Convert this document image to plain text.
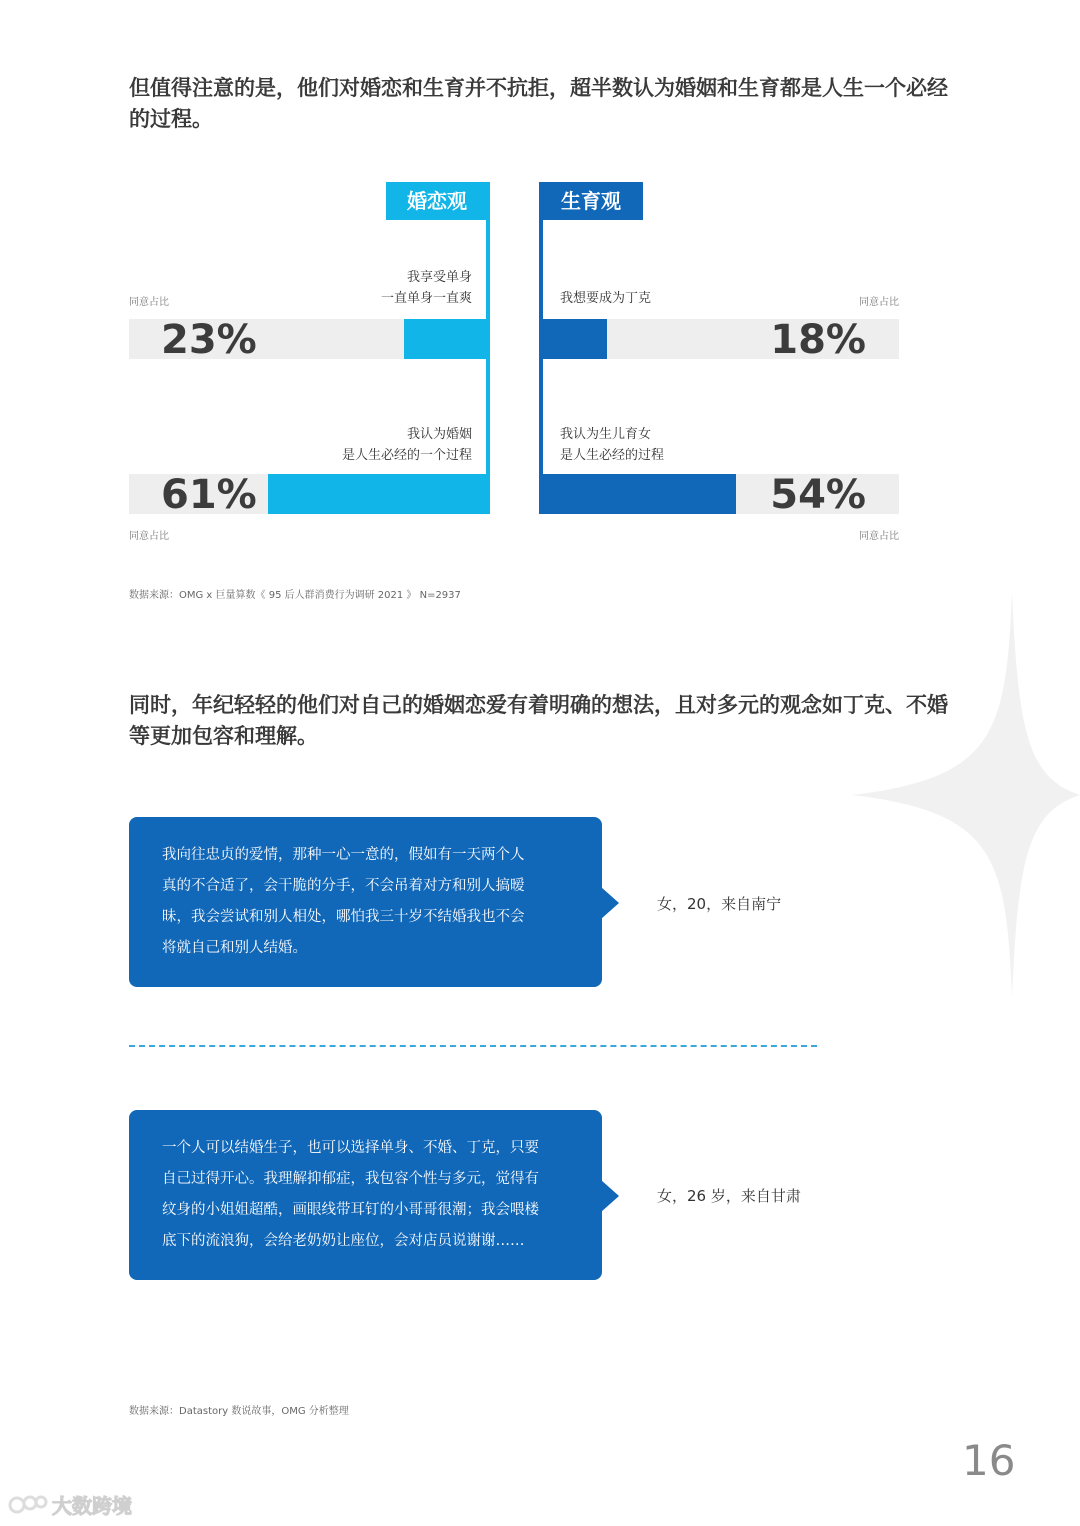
但值得注意的是，他们对婚恋和生育并不抗拒，超半数认为婚姻和生育都是人生一个必经的过程。

婚恋观	生育观
23%
61%
18%
54%
同意占比
同意占比
同意占比
同意占比
我享受单身
一直单身一直爽
我认为婚姻
是人生必经的一个过程
我想要成为丁克
我认为生儿育女
是人生必经的过程
数据来源：OMG x 巨量算数《 95 后人群消费行为调研 2021 》 N=2937

同时，年纪轻轻的他们对自己的婚姻恋爱有着明确的想法，且对多元的观念如丁克、不婚等更加包容和理解。

我向往忠贞的爱情，那种一心一意的，假如有一天两个人
真的不合适了，会干脆的分手，不会吊着对方和别人搞暧
昧，我会尝试和别人相处，哪怕我三十岁不结婚我也不会
将就自己和别人结婚。
女，20，来自南宁
一个人可以结婚生子，也可以选择单身、不婚、丁克，只要
自己过得开心。我理解抑郁症，我包容个性与多元，觉得有
纹身的小姐姐超酷，画眼线带耳钉的小哥哥很潮；我会喂楼
底下的流浪狗，会给老奶奶让座位，会对店员说谢谢……
女，26 岁，来自甘肃
数据来源：Datastory 数说故事，OMG 分析整理
16
大数跨境
